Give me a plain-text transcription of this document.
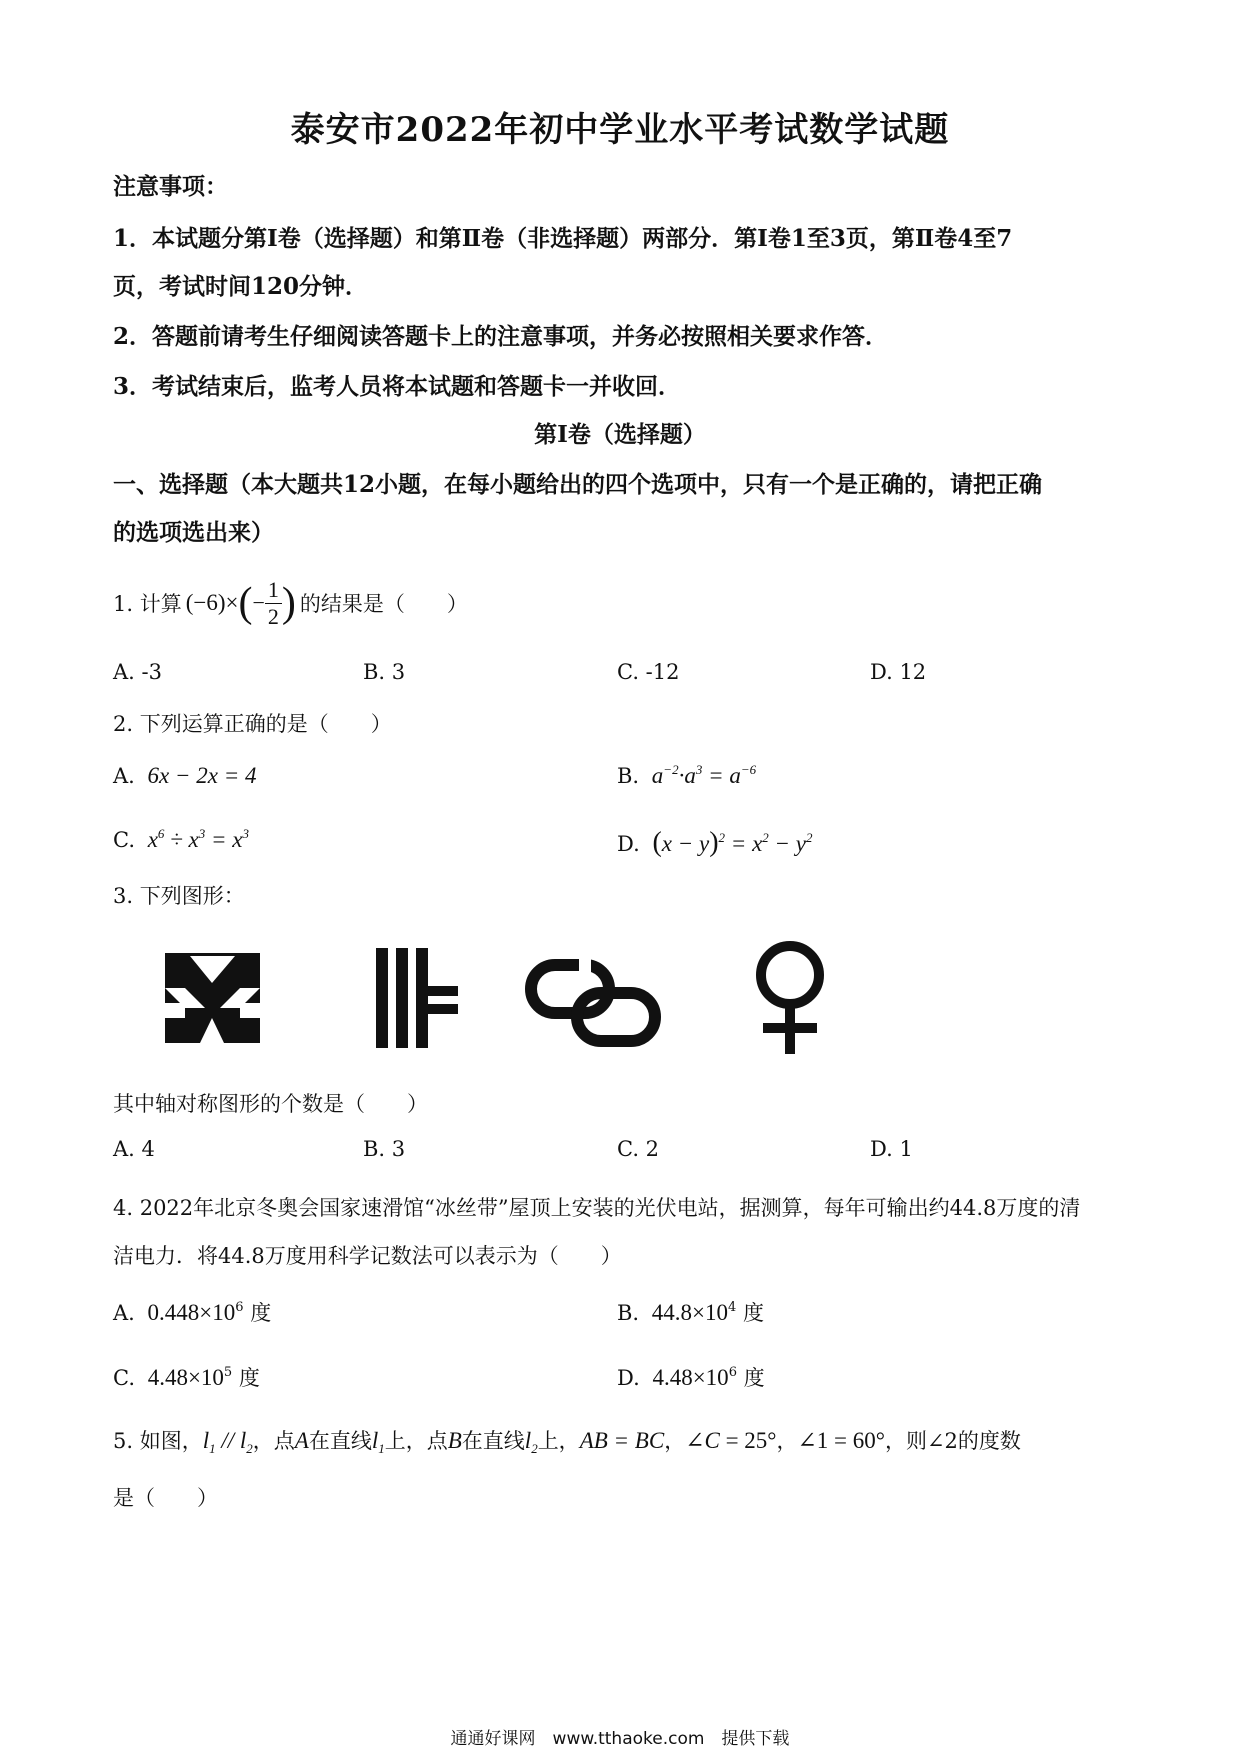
泰安市2022年初中学业水平考试数学试题
注意事项：
1．本试题分第Ⅰ卷（选择题）和第Ⅱ卷（非选择题）两部分．第Ⅰ卷1至3页，第Ⅱ卷4至7
页，考试时间120分钟．
2．答题前请考生仔细阅读答题卡上的注意事项，并务必按照相关要求作答．
3．考试结束后，监考人员将本试题和答题卡一并收回．
第Ⅰ卷（选择题）
一、选择题（本大题共12小题，在每小题给出的四个选项中，只有一个是正确的，请把正确
的选项选出来）
1. 计算 (−6)× ( − $\frac{1}{2}$ ) 的结果是（　　）
A. -3	B. 3	C. -12	D. 12
2. 下列运算正确的是（　　）
A. 6x − 2x = 4	B. $a^{-2}\cdot a^3 = a^{-6}$
C. $x^6 \div x^3 = x^3$	D. $(x - y)^2 = x^2 - y^2$
3. 下列图形：
其中轴对称图形的个数是（　　）
A. 4	B. 3	C. 2	D. 1
4. 2022年北京冬奥会国家速滑馆“冰丝带”屋顶上安装的光伏电站，据测算，每年可输出约44.8万度的清
洁电力．将44.8万度用科学记数法可以表示为（　　）
A. $0.448\times 10^6$ 度	B. $44.8\times 10^4$ 度
C. $4.48\times 10^5$ 度	D. $4.48\times 10^6$ 度
5. 如图，$l_1 // l_2$，点A在直线$l_1$上，点B在直线$l_2$上，AB = BC，∠C = 25°，∠1 = 60°，则∠2的度数
是（　　）
通通好课网　www.tthaoke.com　提供下载
